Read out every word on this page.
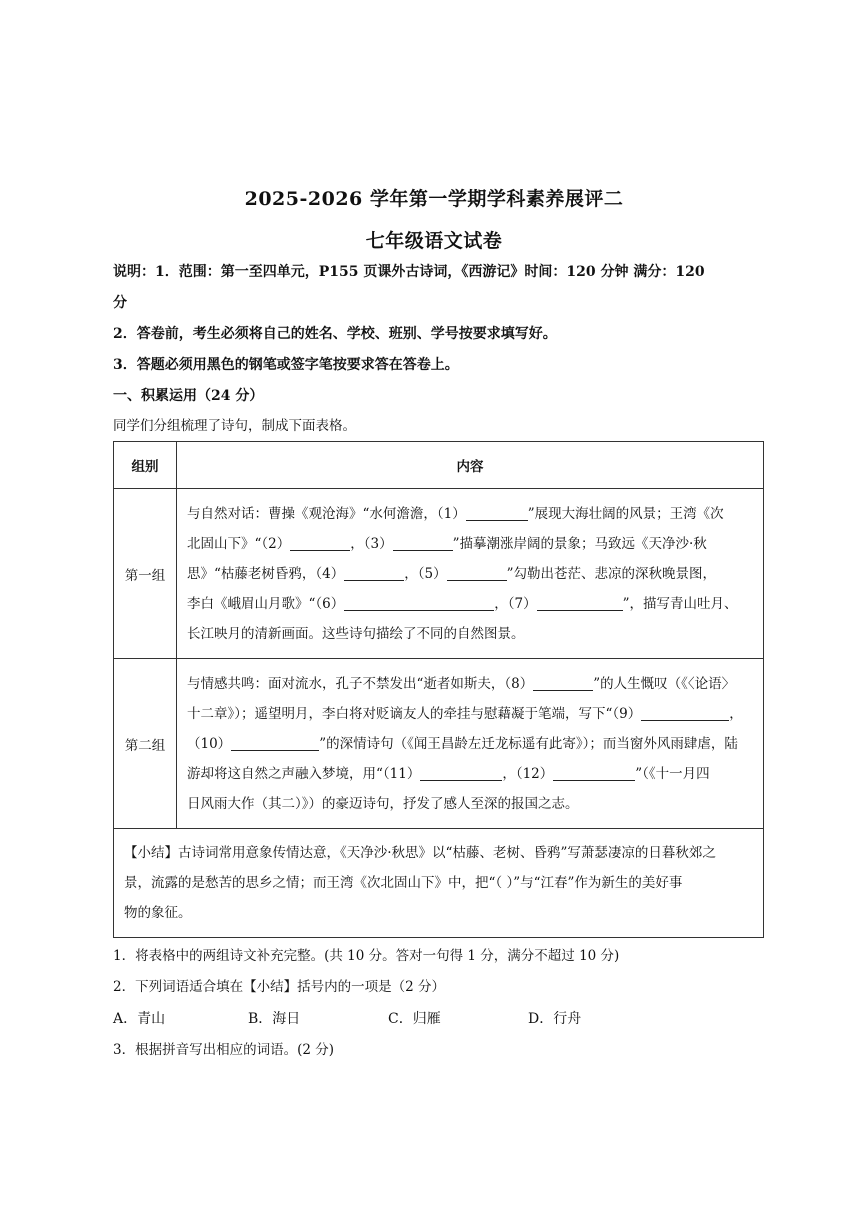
2025-2026 学年第一学期学科素养展评二
七年级语文试卷
说明：1．范围：第一至四单元，P155 页课外古诗词，《西游记》时间：120 分钟 满分：120
分
2．答卷前，考生必须将自己的姓名、学校、班别、学号按要求填写好。
3．答题必须用黑色的钢笔或签字笔按要求答在答卷上。
一、积累运用（24 分）
同学们分组梳理了诗句，制成下面表格。
组别	内容
第一组	与自然对话：曹操《观沧海》“水何澹澹，（1） ”展现大海壮阔的风景；王湾《次
北固山下》“（2） ，（3） ”描摹潮涨岸阔的景象；马致远《天净沙·秋
思》“枯藤老树昏鸦，（4） ，（5） ”勾勒出苍茫、悲凉的深秋晚景图，
李白《峨眉山月歌》“（6） ，（7） ”，描写青山吐月、
长江映月的清新画面。这些诗句描绘了不同的自然图景。

第二组	与情感共鸣：面对流水，孔子不禁发出“逝者如斯夫，（8） ”的人生慨叹（《〈论语〉
十二章》）；遥望明月，李白将对贬谪友人的牵挂与慰藉凝于笔端，写下“（9） ，
（10） ”的深情诗句（《闻王昌龄左迁龙标遥有此寄》）；而当窗外风雨肆虐，陆
游却将这自然之声融入梦境，用“（11） ，（12） ”（《十一月四
日风雨大作（其二）》）的豪迈诗句，抒发了感人至深的报国之志。

【小结】古诗词常用意象传情达意，《天净沙·秋思》以“枯藤、老树、昏鸦”写萧瑟凄凉的日暮秋郊之
景，流露的是愁苦的思乡之情；而王湾《次北固山下》中，把“（ ）”与“江春”作为新生的美好事
物的象征。	
1．将表格中的两组诗文补充完整。(共 10 分。答对一句得 1 分，满分不超过 10 分)
2．下列词语适合填在【小结】括号内的一项是（2 分）
A．青山	B．海日	C．归雁	D．行舟
3．根据拼音写出相应的词语。(2 分)
